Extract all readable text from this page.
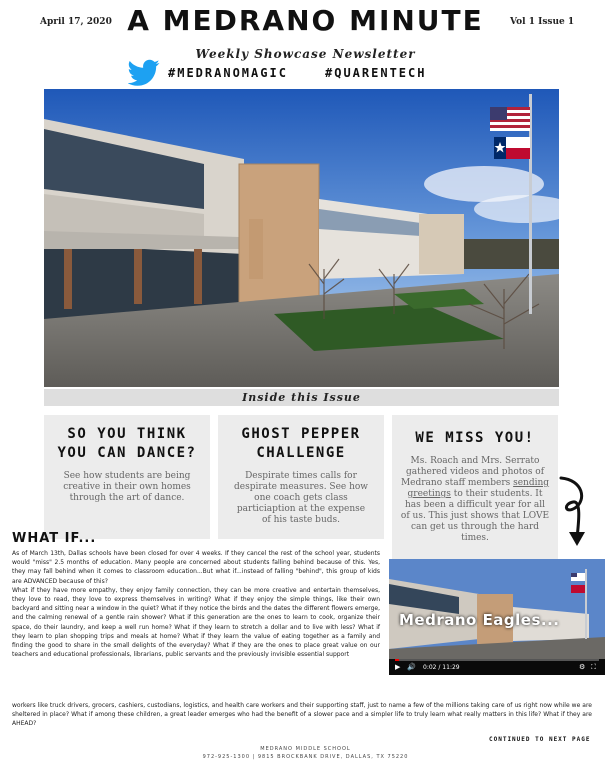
April 17, 2020 A MEDRANO MINUTE	Vol 1 Issue 1
Weekly Showcase Newsletter
#MEDRANOMAGIC	#QUARENTECH
Inside this Issue
SO YOU THINK
YOU CAN DANCE?

See how students are being creative in their own homes through the art of dance.

GHOST PEPPER
CHALLENGE

Despirate times calls for despirate measures. See how one coach gets class particiaption at the expense of his taste buds.

WE MISS YOU!

Ms. Roach and Mrs. Serrato gathered videos and photos of Medrano staff members sending greetings to their students. It has been a difficult year for all of us. This just shows that LOVE can get us through the hard times.

WHAT IF...

As of March 13th, Dallas schools have been closed for over 4 weeks. If they cancel the rest of the school year, students would "miss" 2.5 months of education. Many people are concerned about students falling behind because of this. Yes, they may fall behind when it comes to classroom education...But what if...instead of falling "behind", this group of kids are ADVANCED because of this?

What if they have more empathy, they enjoy family connection, they can be more creative and entertain themselves, they love to read, they love to express themselves in writing? What if they enjoy the simple things, like their own backyard and sitting near a window in the quiet? What if they notice the birds and the dates the different flowers emerge, and the calming renewal of a gentle rain shower? What if this generation are the ones to learn to cook, organize their space, do their laundry, and keep a well run home? What if they learn to stretch a dollar and to live with less? What if they learn to plan shopping trips and meals at home? What if they learn the value of eating together as a family and finding the good to share in the small delights of the everyday? What if they are the ones to place great value on our teachers and educational professionals, librarians, public servants and the previously invisible essential support

workers like truck drivers, grocers, cashiers, custodians, logistics, and health care workers and their supporting staff, just to name a few of the millions taking care of us right now while we are sheltered in place? What if among these children, a great leader emerges who had the benefit of a slower pace and a simpler life to truly learn what really matters in this life? What if they are AHEAD?
Medrano Eagles...
▶ 🔊 0:02 / 11:29	⚙ ⛶
CONTINUED TO NEXT PAGE
MEDRANO MIDDLE SCHOOL
972-925-1300 | 9815 BROCKBANK DRIVE, DALLAS, TX 75220
